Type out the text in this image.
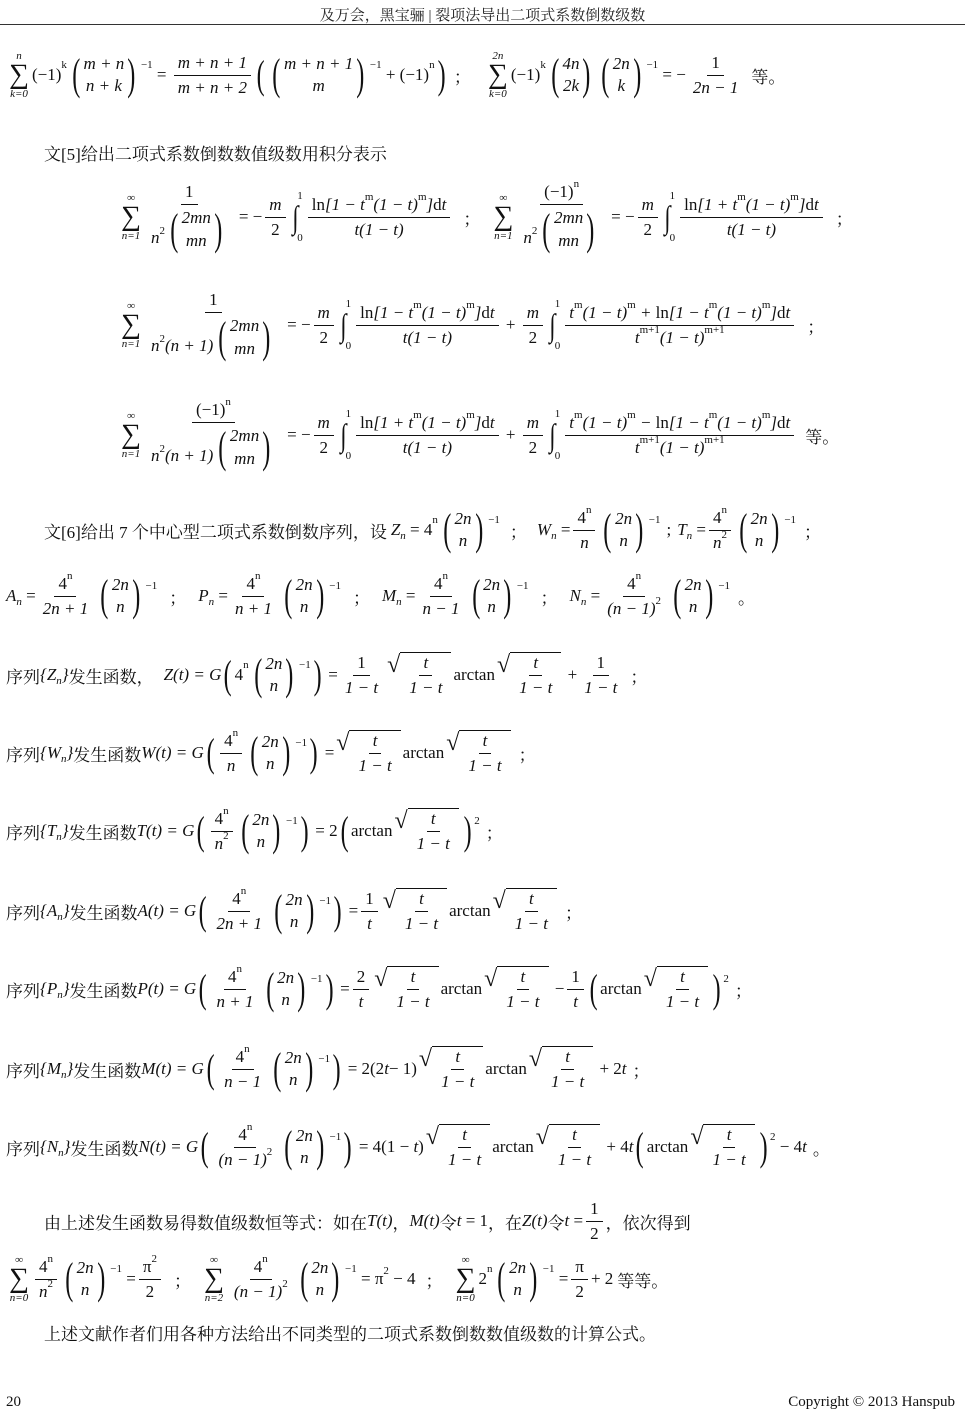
及万会，黑宝骊 | 裂项法导出二项式系数倒数级数
n
∑
k=0
(−1) k ( m + n
n + k ) $-1 = \frac{m + n + 1}{m + n + 2}$ ( ( m + n + 1
m ) −1 + (−1) n ) ；
2n
∑
k=0
(−1) k ( 4n
2k ) ( 2n
k ) −1 = − $\frac{1}{2n - 1}$ 等。
文[5]给出二项式系数倒数数值级数用积分表示
∞
∑
n=1 1
$n^2$ ( 2mn
mn ) = − $\frac{m}{2}$ ∫
1
$0 \frac{\ln[1 - t^m(1 - t)^m]dt}{t(1 - t)}$ ；
∞
∑
n=1 $(-1)^n$
$n^2$ ( 2mn
mn ) = − $\frac{m}{2}$ ∫
1
$0 \frac{\ln[1 + t^m(1 - t)^m]dt}{t(1 - t)}$ ；
∞
∑
n=1 1
$n^2(n + 1)$ ( 2mn
mn ) = − $\frac{m}{2}$ ∫
1
$0 \frac{\ln[1 - t^m(1 - t)^m]dt}{t(1 - t)} + \frac{m}{2}$ ∫
1
$0 \frac{t^m(1 - t)^m + \ln[1 - t^m(1 - t)^m]dt}{t^{m+1}(1 - t)^{m+1}}$ ；
∞
∑
n=1 $(-1)^n$
$n^2(n + 1)$ ( 2mn
mn ) = − $\frac{m}{2}$ ∫
1
$0 \frac{\ln[1 + t^m(1 - t)^m]dt}{t(1 - t)} + \frac{m}{2}$ ∫
1
$0 \frac{t^m(1 - t)^m - \ln[1 - t^m(1 - t)^m]dt}{t^{m+1}(1 - t)^{m+1}}$ 等。
文[6]给出 7 个中心型二项式系数倒数序列，设 Z n = 4 n ( 2n
n ) −1
； W $n = \frac{4^n}{n}$ ( 2n
n ) −1 ; T $n = \frac{4^n}{n^2}$ ( 2n
n ) −1
；
A $n = \frac{4^n}{2n + 1}$ ( 2n
n ) −1
； P $n = \frac{4^n}{n + 1}$ ( 2n
n ) −1
； M $n = \frac{4^n}{n - 1}$ ( 2n
n ) −1
； N $n = \frac{4^n}{(n - 1)^2}$ ( 2n
n ) −1
。
序列 { Z n } 发生函数， Z(t) = G ( 4 n ( 2n
n ) −1 ) = $\frac{1}{1 - t}$ √ $\frac{t}{1 - t}$ arctan √ $\frac{t}{1 - t} + \frac{1}{1 - t}$ ；
序列 { W n } 发生函数 W(t) = G ( $\frac{4^n}{n}$ ( 2n
n ) −1 ) = √ $\frac{t}{1 - t}$ arctan √ $\frac{t}{1 - t}$ ；
序列 { T n } 发生函数 T(t) = G ( $\frac{4^n}{n^2}$ ( 2n
n ) −1 ) = 2 ( arctan √ $\frac{t}{1 - t}$ ) 2
；
序列 { A n } 发生函数 A(t) = G ( $\frac{4^n}{2n + 1}$ ( 2n
n ) −1 ) = $\frac{1}{t}$ √ $\frac{t}{1 - t}$ arctan √ $\frac{t}{1 - t}$ ；
序列 { P n } 发生函数 P(t) = G ( $\frac{4^n}{n + 1}$ ( 2n
n ) −1 ) = $\frac{2}{t}$ √ $\frac{t}{1 - t}$ arctan √ $\frac{t}{1 - t} - \frac{1}{t}$ ( arctan √ $\frac{t}{1 - t}$ ) 2
；
序列 { M n } 发生函数 M(t) = G ( $\frac{4^n}{n - 1}$ ( 2n
n ) −1 ) = 2(2 t − 1) √ $\frac{t}{1 - t}$ arctan √ $\frac{t}{1 - t} + 2$ t ；
序列 { N n } 发生函数 N(t) = G ( $\frac{4^n}{(n - 1)^2}$ ( 2n
n ) −1 ) = 4(1 − t ) √ $\frac{t}{1 - t}$ arctan √ $\frac{t}{1 - t} + 4$ t ( arctan √ $\frac{t}{1 - t}$ ) 2 − 4 t 。
由上述发生函数易得数值级数恒等式：如在 T(t) ， M(t) 令 t = 1 ，在 Z(t) 令 $t = \frac{1}{2}$ ，依次得到
∞
∑
$n=0 \frac{4^n}{n^2}$ ( 2n
n ) $-1 = \frac{\pi^2}{2}$ ；
∞
∑
$n=2 \frac{4^n}{(n - 1)^2}$ ( 2n
n ) $-1 = \pi^2 - 4$ ；
∞
∑
n=0
2 n ( 2n
n ) $-1 = \frac{\pi}{2} + 2$ 等等。
上述文献作者们用各种方法给出不同类型的二项式系数倒数数值级数的计算公式。
20	Copyright © 2013 Hanspub
